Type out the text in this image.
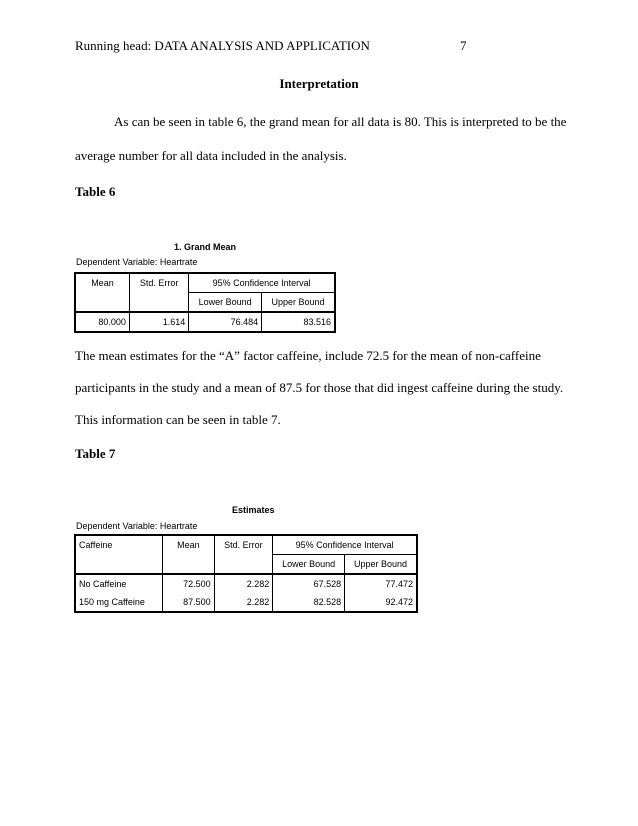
Running head: DATA ANALYSIS AND APPLICATION	7
Interpretation
As can be seen in table 6, the grand mean for all data is 80. This is interpreted to be the
average number for all data included in the analysis.
Table 6
1. Grand Mean
Dependent Variable: Heartrate
Mean	Std. Error	95% Confidence Interval	
		Lower Bound	Upper Bound
80.000	1.614	76.484	83.516
The mean estimates for the “A” factor caffeine, include 72.5 for the mean of non-caffeine
participants in the study and a mean of 87.5 for those that did ingest caffeine during the study.
This information can be seen in table 7.
Table 7
Estimates
Dependent Variable: Heartrate
Caffeine	Mean	Std. Error	95% Confidence Interval	
			Lower Bound	Upper Bound
No Caffeine	72.500	2.282	67.528	77.472
150 mg Caffeine	87.500	2.282	82.528	92.472
